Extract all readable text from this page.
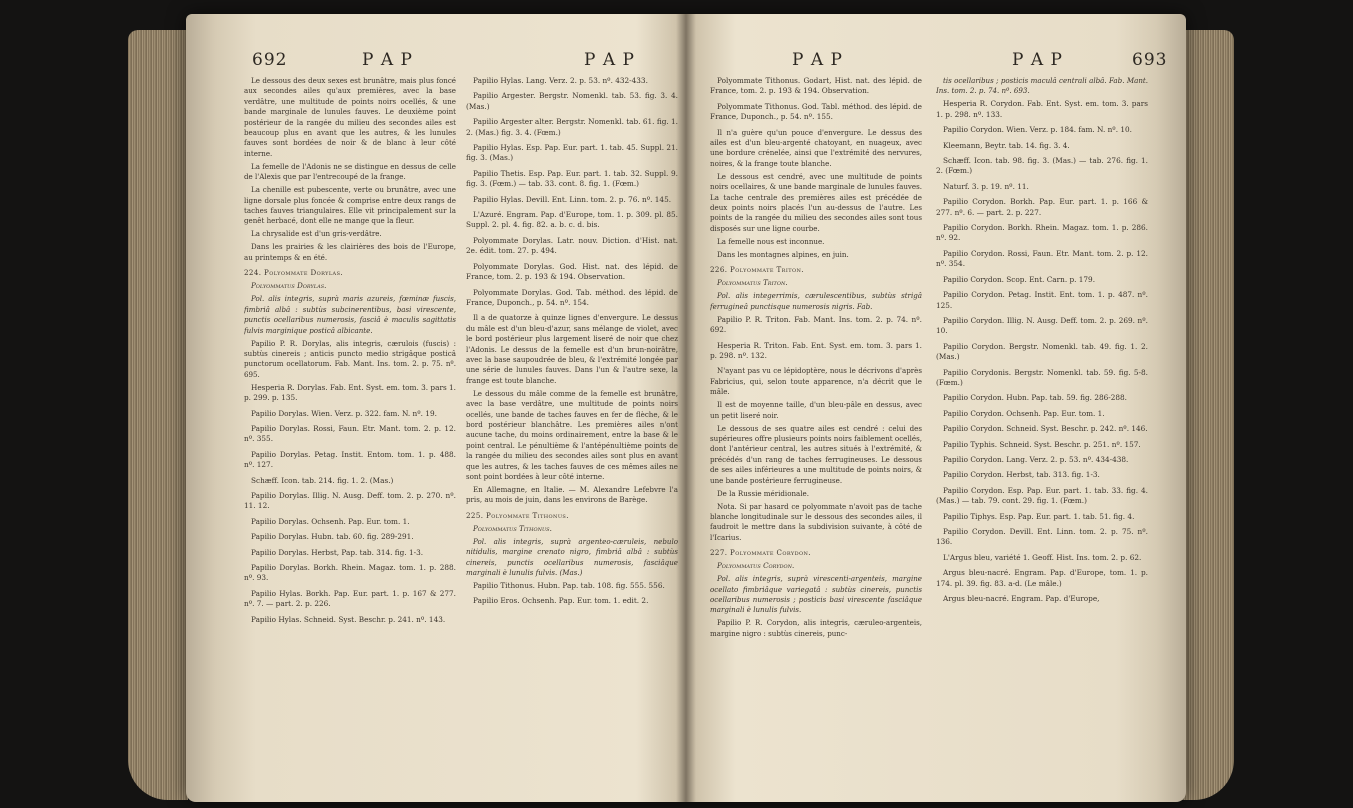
692	P A P	P A P

Le dessous des deux sexes est brunâtre, mais plus foncé aux secondes ailes qu'aux premières, avec la base verdâtre, une multitude de points noirs ocellés, & une bande marginale de lunules fauves. Le deuxième point postérieur de la rangée du milieu des secondes ailes est beaucoup plus en avant que les autres, & les lunules fauves sont bordées de noir & de blanc à leur côté interne.

La femelle de l'Adonis ne se distingue en dessus de celle de l'Alexis que par l'entrecoupé de la frange.

La chenille est pubescente, verte ou brunâtre, avec une ligne dorsale plus foncée & comprise entre deux rangs de taches fauves triangulaires. Elle vit principalement sur la genêt herbacé, dont elle ne mange que la fleur.

La chrysalide est d'un gris-verdâtre.

Dans les prairies & les clairières des bois de l'Europe, au printemps & en été.

224. Polyommate Dorylas.

Polyommatus Dorylas.

Pol. alis integris, suprà maris azureis, fœminæ fuscis, fimbriâ albâ : subtùs subcinerentibus, basi virescente, punctis ocellaribus numerosis, fasciâ è maculis sagittatis fulvis marginique posticâ albicante.

Papilio P. R. Dorylas, alis integris, cærulois (fuscis) : subtùs cinereis ; anticis puncto medio strigâque posticâ punctorum ocellatorum. Fab. Mant. Ins. tom. 2. p. 75. nº. 695.

Hesperia R. Dorylas. Fab. Ent. Syst. em. tom. 3. pars 1. p. 299. p. 135.

Papilio Dorylas. Wien. Verz. p. 322. fam. N. nº. 19.

Papilio Dorylas. Rossi, Faun. Etr. Mant. tom. 2. p. 12. nº. 355.

Papilio Dorylas. Petag. Instit. Entom. tom. 1. p. 488. nº. 127.

Schæff. Icon. tab. 214. fig. 1. 2. (Mas.)

Papilio Dorylas. Illig. N. Ausg. Deff. tom. 2. p. 270. nº. 11. 12.

Papilio Dorylas. Ochsenh. Pap. Eur. tom. 1.

Papilio Dorylas. Hubn. tab. 60. fig. 289-291.

Papilio Dorylas. Herbst, Pap. tab. 314. fig. 1-3.

Papilio Dorylas. Borkh. Rhein. Magaz. tom. 1. p. 288. nº. 93.

Papilio Hylas. Borkh. Pap. Eur. part. 1. p. 167 & 277. nº. 7. — part. 2. p. 226.

Papilio Hylas. Schneid. Syst. Beschr. p. 241. nº. 143.

Papilio Hylas. Lang. Verz. 2. p. 53. nº. 432-433.

Papilio Argester. Bergstr. Nomenkl. tab. 53. fig. 3. 4. (Mas.)

Papilio Argester alter. Bergstr. Nomenkl. tab. 61. fig. 1. 2. (Mas.) fig. 3. 4. (Fœm.)

Papilio Hylas. Esp. Pap. Eur. part. 1. tab. 45. Suppl. 21. fig. 3. (Mas.)

Papilio Thetis. Esp. Pap. Eur. part. 1. tab. 32. Suppl. 9. fig. 3. (Fœm.) — tab. 33. cont. 8. fig. 1. (Fœm.)

Papilio Hylas. Devill. Ent. Linn. tom. 2. p. 76. nº. 145.

L'Azuré. Engram. Pap. d'Europe, tom. 1. p. 309. pl. 85. Suppl. 2. pl. 4. fig. 82. a. b. c. d. bis.

Polyommate Dorylas. Latr. nouv. Diction. d'Hist. nat. 2e. édit. tom. 27. p. 494.

Polyommate Dorylas. God. Hist. nat. des lépid. de France, tom. 2. p. 193 & 194. Observation.

Polyommate Dorylas. God. Tab. méthod. des lépid. de France, Duponch., p. 54. nº. 154.

Il a de quatorze à quinze lignes d'envergure. Le dessus du mâle est d'un bleu-d'azur, sans mélange de violet, avec le bord postérieur plus largement liseré de noir que chez l'Adonis. Le dessus de la femelle est d'un brun-noirâtre, avec la base saupoudrée de bleu, & l'extrémité longée par une série de lunules fauves. Dans l'un & l'autre sexe, la frange est toute blanche.

Le dessous du mâle comme de la femelle est brunâtre, avec la base verdâtre, une multitude de points noirs ocellés, une bande de taches fauves en fer de flèche, & le bord postérieur blanchâtre. Les premières ailes n'ont aucune tache, du moins ordinairement, entre la base & le point central. Le pénultième & l'antépénultième points de la rangée du milieu des secondes ailes sont plus en avant que les autres, & les taches fauves de ces mêmes ailes ne sont point bordées à leur côté interne.

En Allemagne, en Italie. — M. Alexandre Lefebvre l'a pris, au mois de juin, dans les environs de Barège.

225. Polyommate Tithonus.

Polyommatus Tithonus.

Pol. alis integris, suprà argenteo-cæruleis, nebulo nitidulis, margine crenato nigro, fimbriâ albâ : subtùs cinereis, punctis ocellaribus numerosis, fasciâque marginali è lunulis fulvis. (Mas.)

Papilio Tithonus. Hubn. Pap. tab. 108. fig. 555. 556.

Papilio Eros. Ochsenh. Pap. Eur. tom. 1. edit. 2.

P A P	P A P	693

Polyommate Tithonus. Godart, Hist. nat. des lépid. de France, tom. 2. p. 193 & 194. Observation.

Polyommate Tithonus. God. Tabl. méthod. des lépid. de France, Duponch., p. 54. nº. 155.

Il n'a guère qu'un pouce d'envergure. Le dessus des ailes est d'un bleu-argenté chatoyant, en nuageux, avec une bordure crénelée, ainsi que l'extrémité des nervures, noires, & la frange toute blanche.

Le dessous est cendré, avec une multitude de points noirs ocellaires, & une bande marginale de lunules fauves. La tache centrale des premières ailes est précédée de deux points noirs placés l'un au-dessus de l'autre. Les points de la rangée du milieu des secondes ailes sont tous disposés sur une ligne courbe.

La femelle nous est inconnue.

Dans les montagnes alpines, en juin.

226. Polyommate Triton.

Polyommatus Triton.

Pol. alis integerrimis, cærulescentibus, subtùs strigâ ferrugineâ punctisque numerosis nigris. Fab.

Papilio P. R. Triton. Fab. Mant. Ins. tom. 2. p. 74. nº. 692.

Hesperia R. Triton. Fab. Ent. Syst. em. tom. 3. pars 1. p. 298. nº. 132.

N'ayant pas vu ce lépidoptère, nous le décrivons d'après Fabricius, qui, selon toute apparence, n'a décrit que le mâle.

Il est de moyenne taille, d'un bleu-pâle en dessus, avec un petit liseré noir.

Le dessous de ses quatre ailes est cendré : celui des supérieures offre plusieurs points noirs faiblement ocellés, dont l'antérieur central, les autres situés à l'extrémité, & précédés d'un rang de taches ferrugineuses. Le dessous de ses ailes inférieures a une multitude de points noirs, & une bande postérieure ferrugineuse.

De la Russie méridionale.

Nota. Si par hasard ce polyommate n'avoit pas de tache blanche longitudinale sur le dessous des secondes ailes, il faudroit le mettre dans la subdivision suivante, à côté de l'Icarius.

227. Polyommate Corydon.

Polyommatus Corydon.

Pol. alis integris, suprà virescenti-argenteis, margine ocellato fimbriâque variegatâ : subtùs cinereis, punctis ocellaribus numerosis ; posticis basi virescente fasciâque marginali è lunulis fulvis.

Papilio P. R. Corydon, alis integris, cæruleo-argenteis, margine nigro : subtùs cinereis, punc-

tis ocellaribus ; posticis maculâ centrali albâ. Fab. Mant. Ins. tom. 2. p. 74. nº. 693.

Hesperia R. Corydon. Fab. Ent. Syst. em. tom. 3. pars 1. p. 298. nº. 133.

Papilio Corydon. Wien. Verz. p. 184. fam. N. nº. 10.

Kleemann, Beytr. tab. 14. fig. 3. 4.

Schæff. Icon. tab. 98. fig. 3. (Mas.) — tab. 276. fig. 1. 2. (Fœm.)

Naturf. 3. p. 19. nº. 11.

Papilio Corydon. Borkh. Pap. Eur. part. 1. p. 166 & 277. nº. 6. — part. 2. p. 227.

Papilio Corydon. Borkh. Rhein. Magaz. tom. 1. p. 286. nº. 92.

Papilio Corydon. Rossi, Faun. Etr. Mant. tom. 2. p. 12. nº. 354.

Papilio Corydon. Scop. Ent. Carn. p. 179.

Papilio Corydon. Petag. Instit. Ent. tom. 1. p. 487. nº. 125.

Papilio Corydon. Illig. N. Ausg. Deff. tom. 2. p. 269. nº. 10.

Papilio Corydon. Bergstr. Nomenkl. tab. 49. fig. 1. 2. (Mas.)

Papilio Corydonis. Bergstr. Nomenkl. tab. 59. fig. 5-8. (Fœm.)

Papilio Corydon. Hubn. Pap. tab. 59. fig. 286-288.

Papilio Corydon. Ochsenh. Pap. Eur. tom. 1.

Papilio Corydon. Schneid. Syst. Beschr. p. 242. nº. 146.

Papilio Typhis. Schneid. Syst. Beschr. p. 251. nº. 157.

Papilio Corydon. Lang. Verz. 2. p. 53. nº. 434-438.

Papilio Corydon. Herbst, tab. 313. fig. 1-3.

Papilio Corydon. Esp. Pap. Eur. part. 1. tab. 33. fig. 4. (Mas.) — tab. 79. cont. 29. fig. 1. (Fœm.)

Papilio Tiphys. Esp. Pap. Eur. part. 1. tab. 51. fig. 4.

Papilio Corydon. Devill. Ent. Linn. tom. 2. p. 75. nº. 136.

L'Argus bleu, variété 1. Geoff. Hist. Ins. tom. 2. p. 62.

Argus bleu-nacré. Engram. Pap. d'Europe, tom. 1. p. 174. pl. 39. fig. 83. a-d. (Le mâle.)

Argus bleu-nacré. Engram. Pap. d'Europe,
